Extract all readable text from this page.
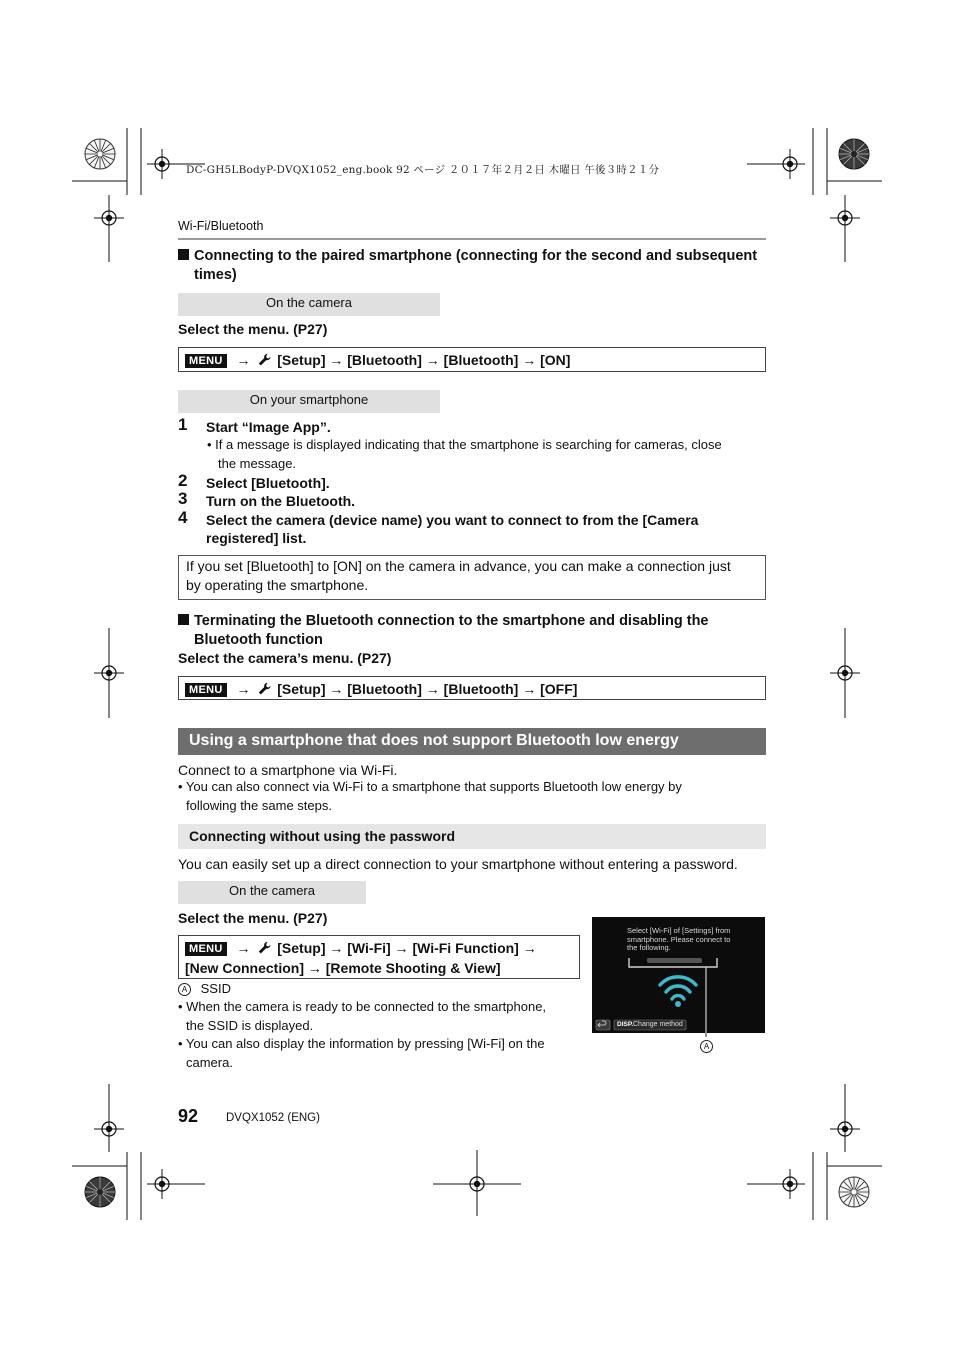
DC-GH5LBodyP-DVQX1052_eng.book 92 ページ ２０１７年２月２日 木曜日 午後３時２１分
Wi-Fi/Bluetooth
Connecting to the paired smartphone (connecting for the second and subsequent
times)
On the camera
Select the menu. (P27)
MENU → [Setup] → [Bluetooth] → [Bluetooth] → [ON]
On your smartphone
1 Start “Image App”.
• If a message is displayed indicating that the smartphone is searching for cameras, close
the message.
2 Select [Bluetooth].
3 Turn on the Bluetooth.
4 Select the camera (device name) you want to connect to from the [Camera
registered] list.
If you set [Bluetooth] to [ON] on the camera in advance, you can make a connection just
by operating the smartphone.
Terminating the Bluetooth connection to the smartphone and disabling the
Bluetooth function
Select the camera’s menu. (P27)
MENU → [Setup] → [Bluetooth] → [Bluetooth] → [OFF]
Using a smartphone that does not support Bluetooth low energy
Connect to a smartphone via Wi-Fi.
• You can also connect via Wi-Fi to a smartphone that supports Bluetooth low energy by
following the same steps.
Connecting without using the password
You can easily set up a direct connection to your smartphone without entering a password.
On the camera
Select the menu. (P27)
MENU → [Setup] → [Wi-Fi] → [Wi-Fi Function] →
[New Connection] → [Remote Shooting & View]
A SSID
• When the camera is ready to be connected to the smartphone,
the SSID is displayed.
• You can also display the information by pressing [Wi-Fi] on the
camera.
Select [Wi-Fi] of [Settings] from
smartphone. Please connect to
the following.
DISP. Change method
A
92 DVQX1052 (ENG)
